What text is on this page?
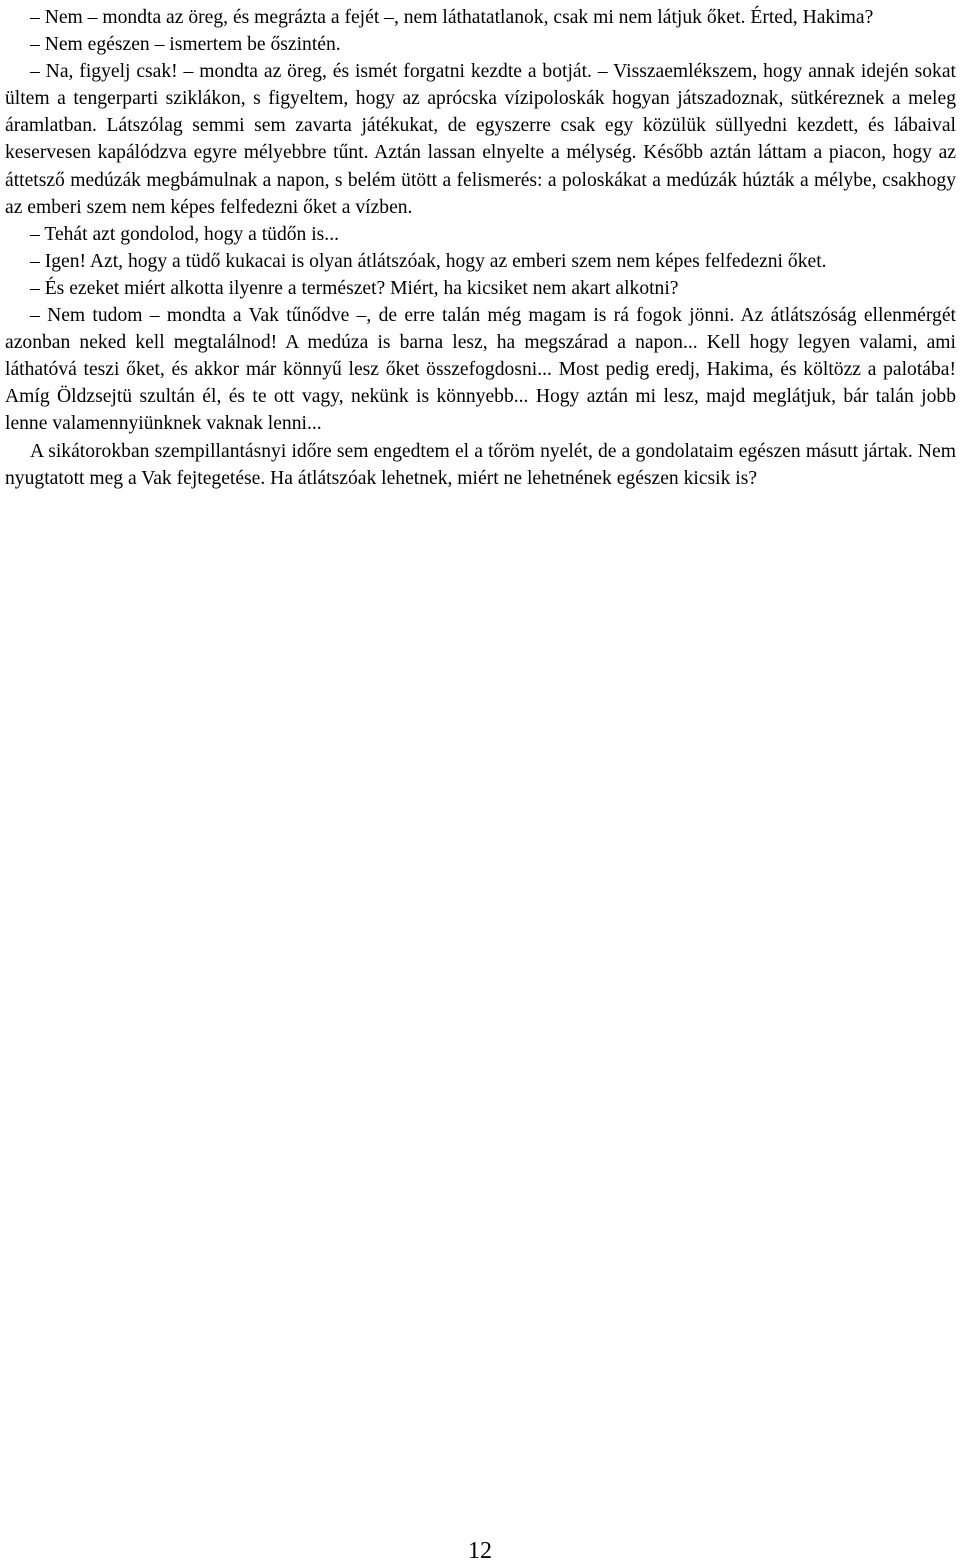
– Nem – mondta az öreg, és megrázta a fejét –, nem láthatatlanok, csak mi nem látjuk őket. Érted, Hakima?

– Nem egészen – ismertem be őszintén.

– Na, figyelj csak! – mondta az öreg, és ismét forgatni kezdte a botját. – Visszaemlékszem, hogy annak idején sokat ültem a tengerparti sziklákon, s figyeltem, hogy az aprócska vízipoloskák hogyan játszadoznak, sütkéreznek a meleg áramlatban. Látszólag semmi sem zavarta játékukat, de egyszerre csak egy közülük süllyedni kezdett, és lábaival keservesen kapálódzva egyre mélyebbre tűnt. Aztán lassan elnyelte a mélység. Később aztán láttam a piacon, hogy az áttetsző medúzák megbámulnak a napon, s belém ütött a felismerés: a poloskákat a medúzák húzták a mélybe, csakhogy az emberi szem nem képes felfedezni őket a vízben.

– Tehát azt gondolod, hogy a tüdőn is...

– Igen! Azt, hogy a tüdő kukacai is olyan átlátszóak, hogy az emberi szem nem képes felfedezni őket.

– És ezeket miért alkotta ilyenre a természet? Miért, ha kicsiket nem akart alkotni?

– Nem tudom – mondta a Vak tűnődve –, de erre talán még magam is rá fogok jönni. Az átlátszóság ellenmérgét azonban neked kell megtalálnod! A medúza is barna lesz, ha megszárad a napon... Kell hogy legyen valami, ami láthatóvá teszi őket, és akkor már könnyű lesz őket összefogdosni... Most pedig eredj, Hakima, és költözz a palotába! Amíg Öldzsejtü szultán él, és te ott vagy, nekünk is könnyebb... Hogy aztán mi lesz, majd meglátjuk, bár talán jobb lenne valamennyiünknek vaknak lenni...

A sikátorokban szempillantásnyi időre sem engedtem el a tőröm nyelét, de a gondolataim egészen másutt jártak. Nem nyugtatott meg a Vak fejtegetése. Ha átlátszóak lehetnek, miért ne lehetnének egészen kicsik is?

12
